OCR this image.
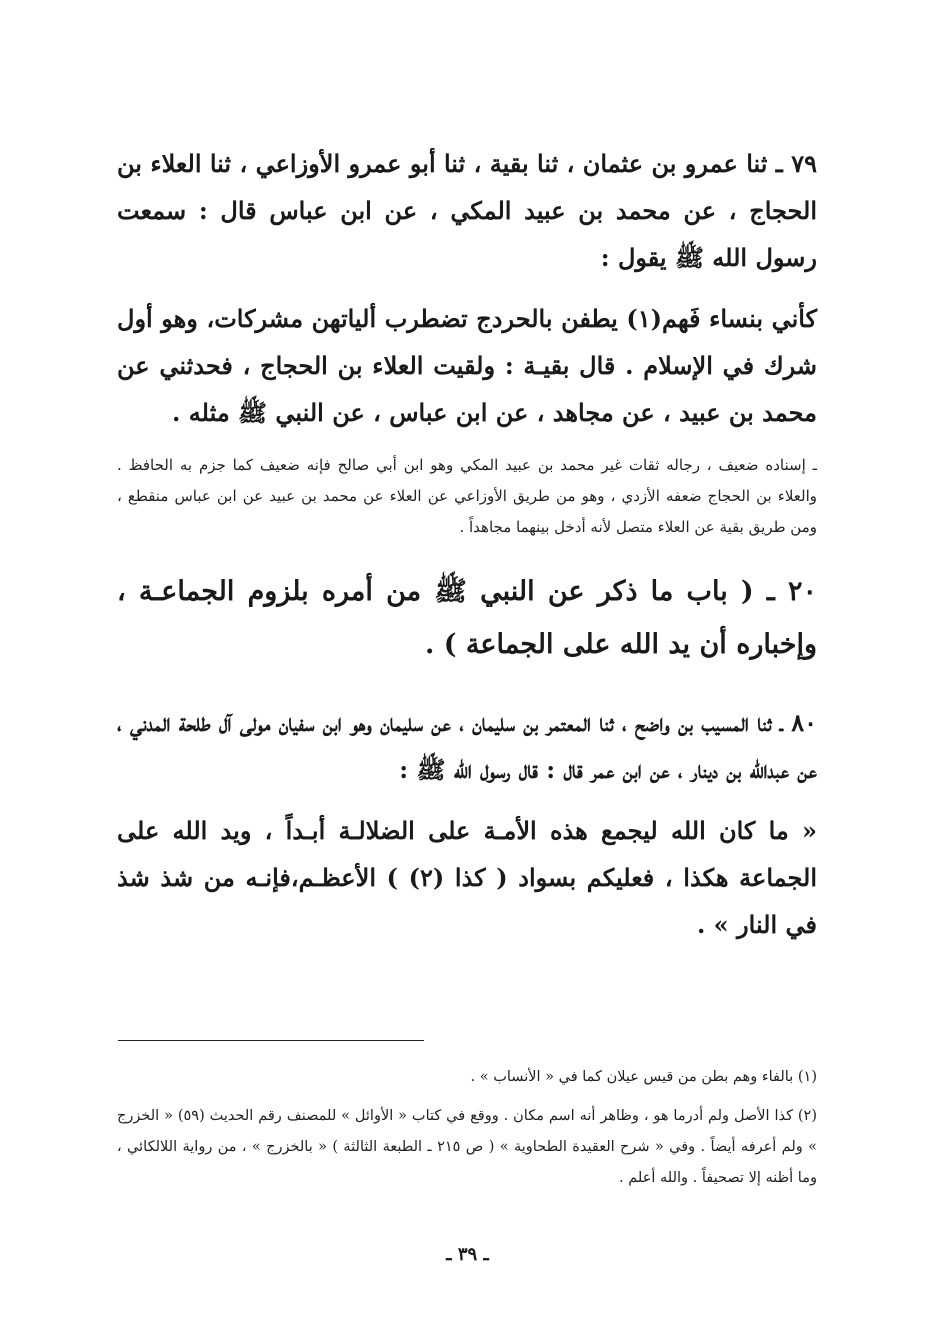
٧٩ ـ ثنا عمرو بن عثمان ، ثنا بقية ، ثنا أبو عمرو الأوزاعي ، ثنا العلاء بن الحجاج ، عن محمد بن عبيد المكي ، عن ابن عباس قال : سمعت رسول الله ﷺ يقول :

كأني بنساء فَهم(١) يطفن بالحردج تضطرب ألياتهن مشركات، وهو أول شرك في الإسلام . قال بقيـة : ولقيت العلاء بن الحجاج ، فحدثني عن محمد بن عبيد ، عن مجاهد ، عن ابن عباس ، عن النبي ﷺ مثله .

ـ إسناده ضعيف ، رجاله ثقات غير محمد بن عبيد المكي وهو ابن أبي صالح فإنه ضعيف كما جزم به الحافظ . والعلاء بن الحجاج ضعفه الأزدي ، وهو من طريق الأوزاعي عن العلاء عن محمد بن عبيد عن ابن عباس منقطع ، ومن طريق بقية عن العلاء متصل لأنه أدخل بينهما مجاهداً .

٢٠ ـ ( باب ما ذكر عن النبي ﷺ من أمره بلزوم الجماعـة ، وإخباره أن يد الله على الجماعة ) .

٨٠ ـ ثنا المسيب بن واضح ، ثنا المعتمر بن سليمان ، عن سليمان وهو ابن سفيان مولى آل طلحة المدني ، عن عبدالله بن دينار ، عن ابن عمر قال : قال رسول الله ﷺ :

« ما كان الله ليجمع هذه الأمـة على الضلالـة أبـداً ، ويد الله على الجماعة هكذا ، فعليكم بسواد ( كذا (٢) ) الأعظـم،فإنـه من شذ شذ في النار » .

(١) بالفاء وهم بطن من قيس عيلان كما في « الأنساب » .

(٢) كذا الأصل ولم أدرما هو ، وظاهر أنه اسم مكان . ووقع في كتاب « الأوائل » للمصنف رقم الحديث (٥٩) « الخزرج » ولم أعرفه أيضاً . وفي « شرح العقيدة الطحاوية » ( ص ٢١٥ ـ الطبعة الثالثة ) « بالخزرج » ، من رواية اللالكائي ، وما أظنه إلا تصحيفاً . والله أعلم .

ـ ٣٩ ـ
